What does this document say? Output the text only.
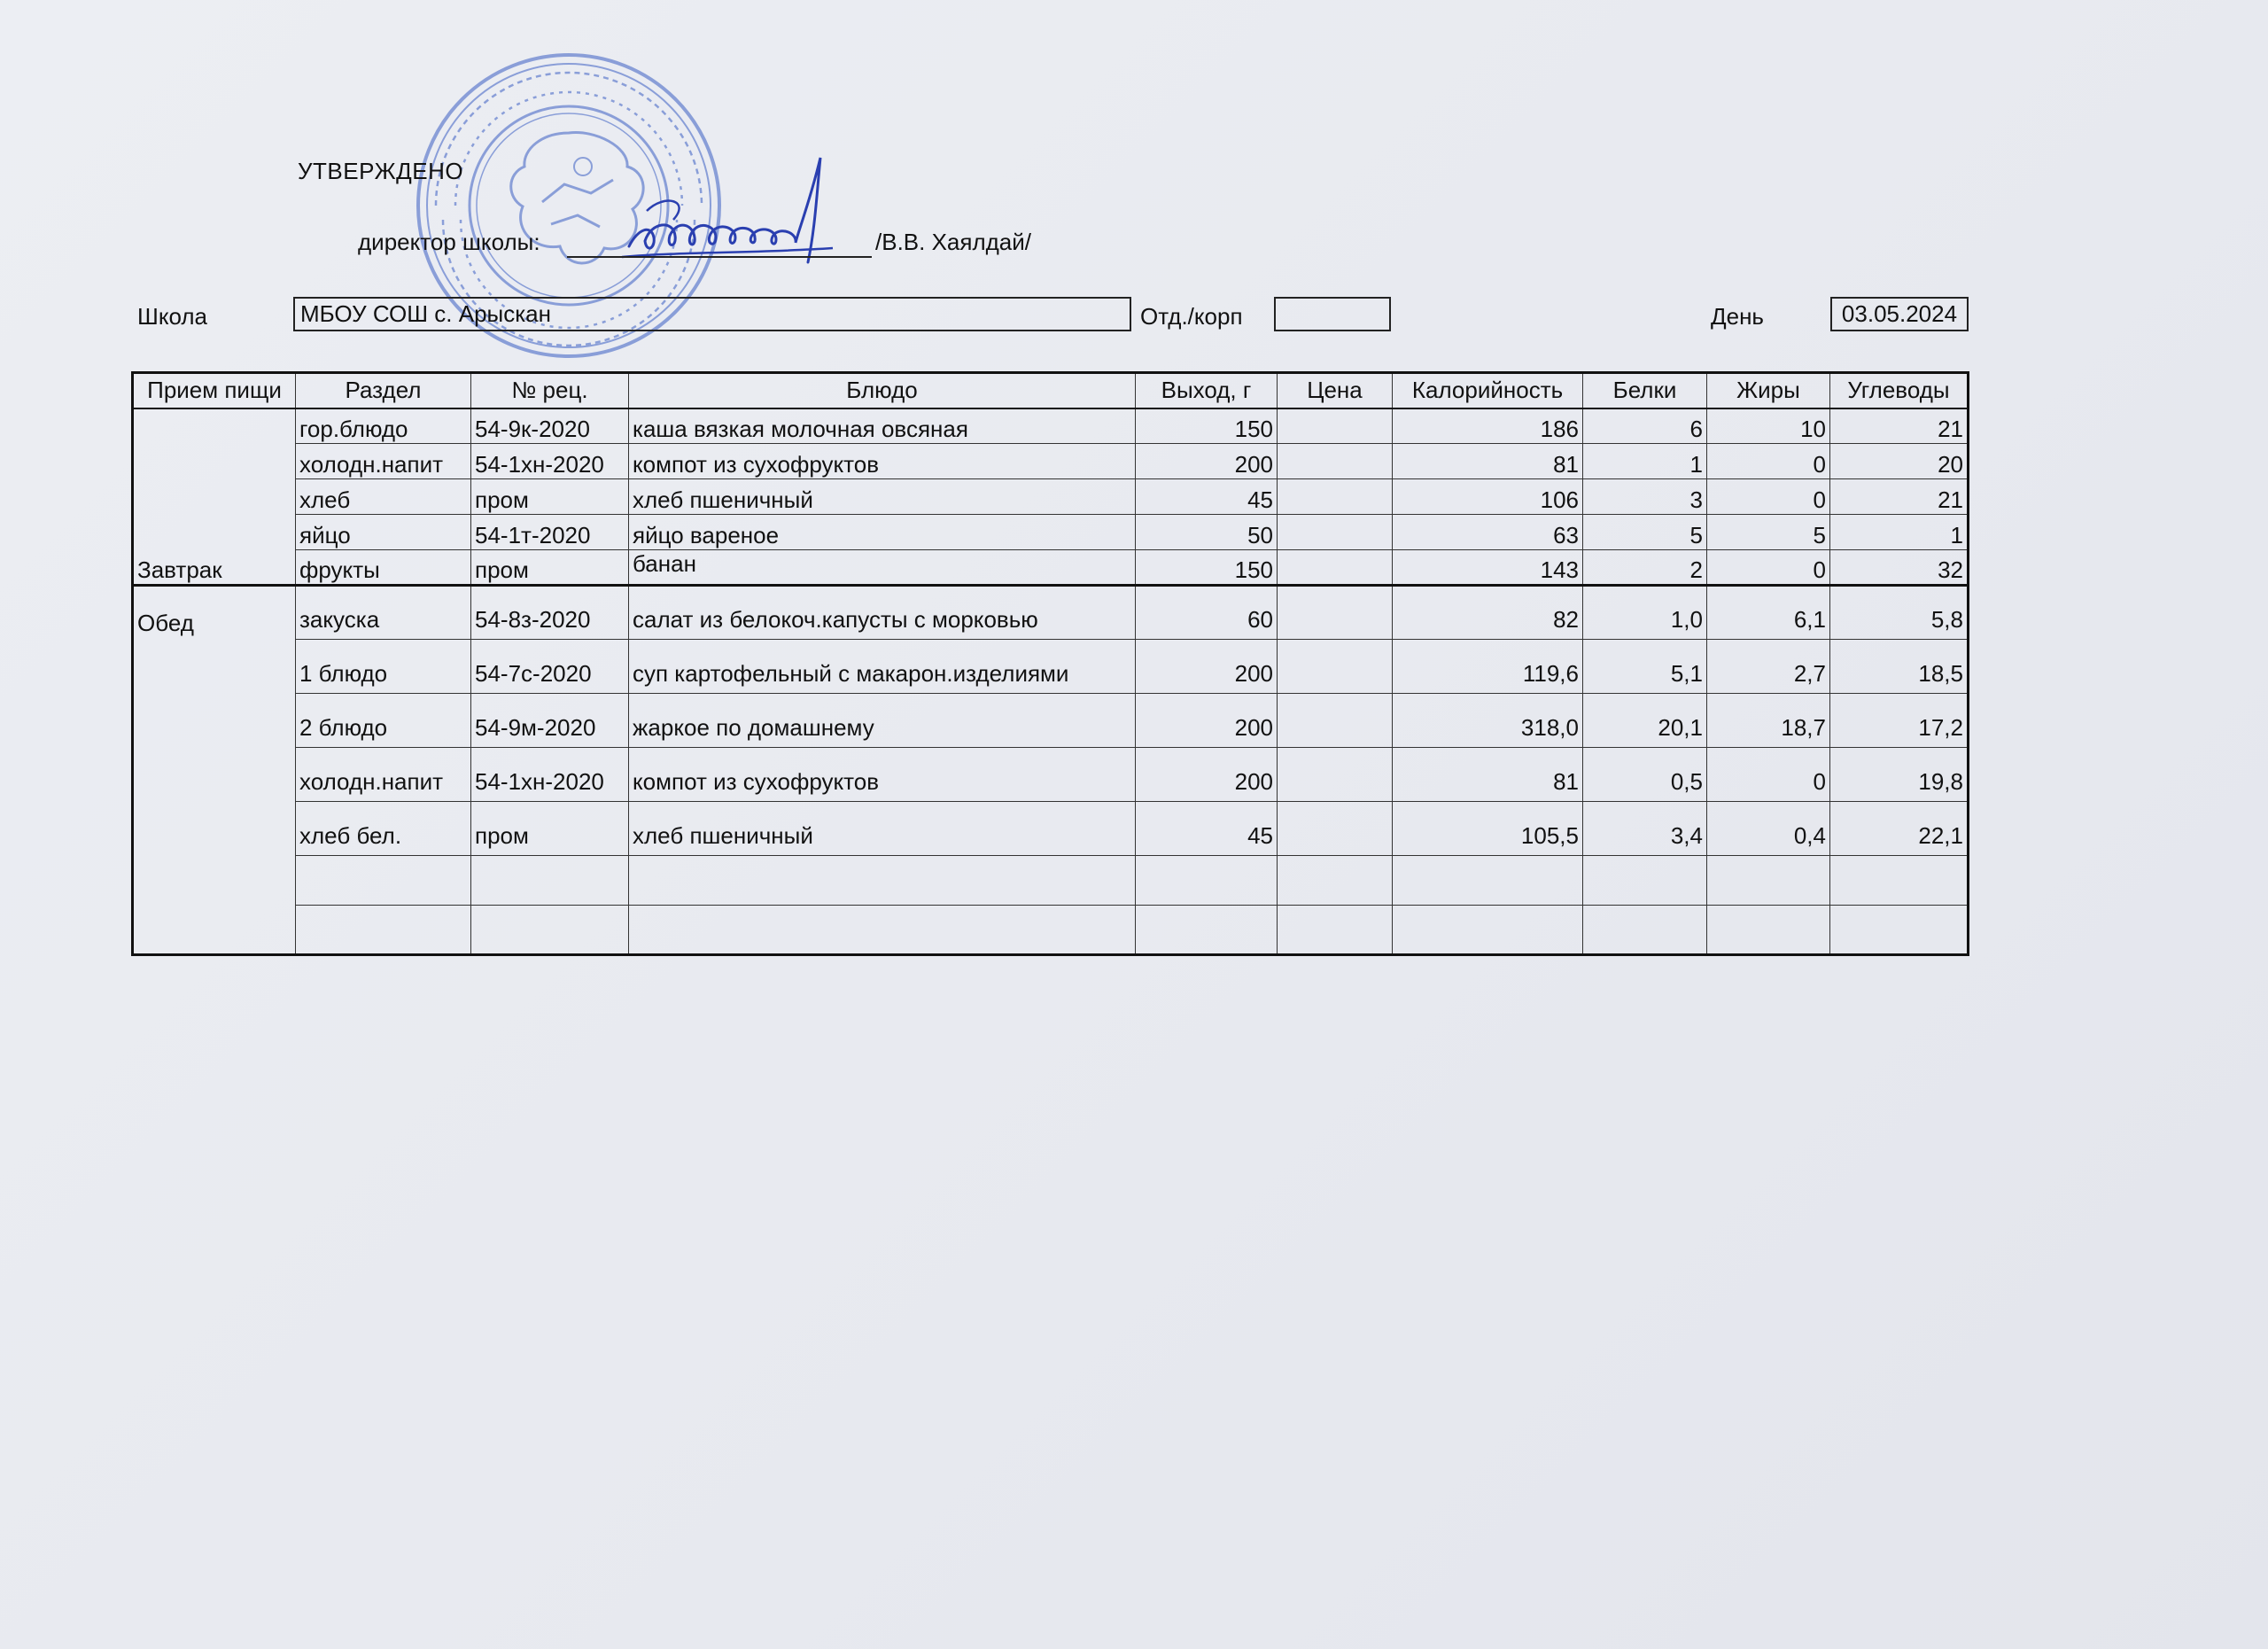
УТВЕРЖДЕНО
директор школы:	/В.В. Хаялдай/
Школа	МБОУ СОШ с. Арыскан	Отд./корп	День	03.05.2024
Прием пищи	Раздел	№ рец.	Блюдо	Выход, г	Цена	Калорийность	Белки	Жиры	Углеводы
Завтрак	гор.блюдо	54-9к-2020	каша вязкая молочная овсяная	150		186	6	10	21
	холодн.напит	54-1хн-2020	компот из сухофруктов	200		81	1	0	20
	хлеб	пром	хлеб пшеничный	45		106	3	0	21
	яйцо	54-1т-2020	яйцо вареное	50		63	5	5	1
	фрукты	пром	банан	150		143	2	0	32
Обед	закуска	54-8з-2020	салат из белокоч.капусты с морковью	60		82	1,0	6,1	5,8
	1 блюдо	54-7с-2020	суп картофельный с макарон.изделиями	200		119,6	5,1	2,7	18,5
	2 блюдо	54-9м-2020	жаркое по домашнему	200		318,0	20,1	18,7	17,2
	холодн.напит	54-1хн-2020	компот из сухофруктов	200		81	0,5	0	19,8
	хлеб бел.	пром	хлеб пшеничный	45		105,5	3,4	0,4	22,1
